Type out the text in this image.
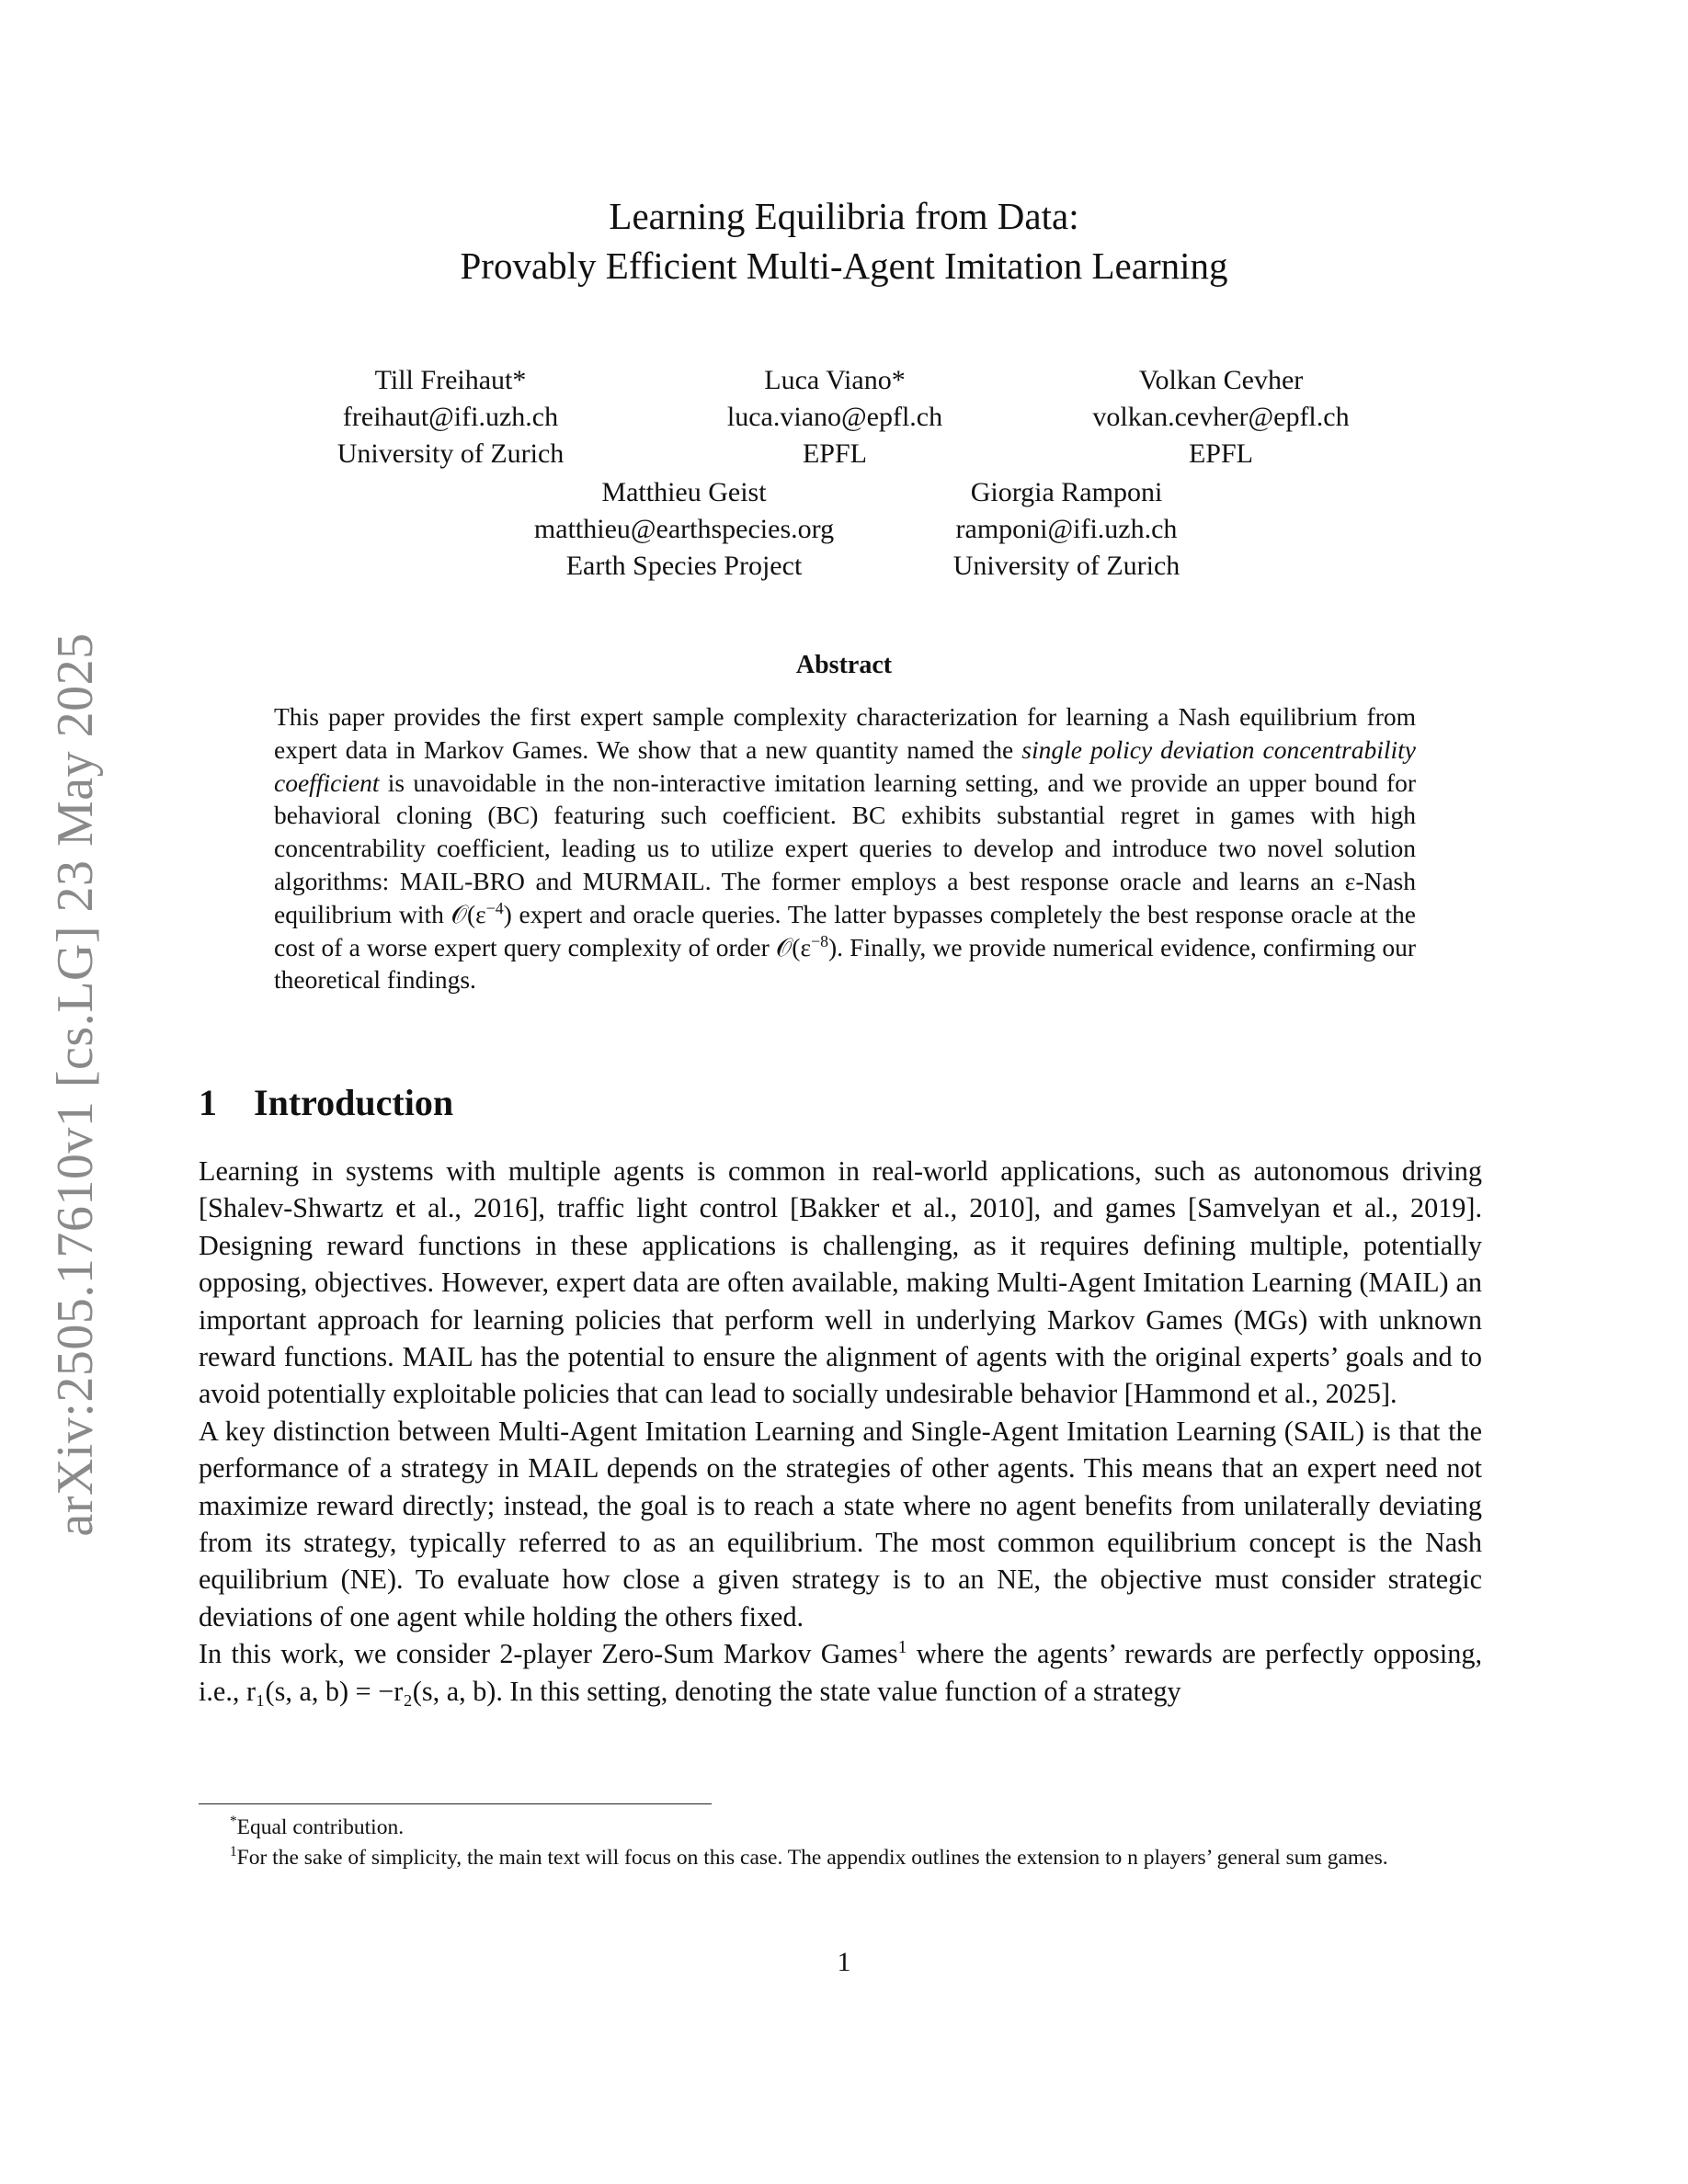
arXiv:2505.17610v1 [cs.LG] 23 May 2025
Learning Equilibria from Data:
Provably Efficient Multi-Agent Imitation Learning
Till Freihaut*
freihaut@ifi.uzh.ch
University of Zurich
Luca Viano*
luca.viano@epfl.ch
EPFL
Volkan Cevher
volkan.cevher@epfl.ch
EPFL
Matthieu Geist
matthieu@earthspecies.org
Earth Species Project
Giorgia Ramponi
ramponi@ifi.uzh.ch
University of Zurich
Abstract
This paper provides the first expert sample complexity characterization for learning a Nash equilibrium from expert data in Markov Games. We show that a new quantity named the single policy deviation concentrability coefficient is unavoidable in the non-interactive imitation learning setting, and we provide an upper bound for behavioral cloning (BC) featuring such coefficient. BC exhibits substantial regret in games with high concentrability coefficient, leading us to utilize expert queries to develop and introduce two novel solution algorithms: MAIL-BRO and MURMAIL. The former employs a best response oracle and learns an ε-Nash equilibrium with $𝒪(\varepsilon^{-4})$ expert and oracle queries. The latter bypasses completely the best response oracle at the cost of a worse expert query complexity of order $𝒪(\varepsilon^{-8})$. Finally, we provide numerical evidence, confirming our theoretical findings.
1 Introduction

Learning in systems with multiple agents is common in real-world applications, such as autonomous driving [Shalev-Shwartz et al., 2016], traffic light control [Bakker et al., 2010], and games [Samvelyan et al., 2019]. Designing reward functions in these applications is challenging, as it requires defining multiple, potentially opposing, objectives. However, expert data are often available, making Multi-Agent Imitation Learning (MAIL) an important approach for learning policies that perform well in underlying Markov Games (MGs) with unknown reward functions. MAIL has the potential to ensure the alignment of agents with the original experts’ goals and to avoid potentially exploitable policies that can lead to socially undesirable behavior [Hammond et al., 2025].

A key distinction between Multi-Agent Imitation Learning and Single-Agent Imitation Learning (SAIL) is that the performance of a strategy in MAIL depends on the strategies of other agents. This means that an expert need not maximize reward directly; instead, the goal is to reach a state where no agent benefits from unilaterally deviating from its strategy, typically referred to as an equilibrium. The most common equilibrium concept is the Nash equilibrium (NE). To evaluate how close a given strategy is to an NE, the objective must consider strategic deviations of one agent while holding the others fixed.

In this work, we consider 2-player Zero-Sum Markov Games$^1$ where the agents’ rewards are perfectly opposing, i.e., r₁(s, a, b) = −r₂(s, a, b). In this setting, denoting the state value function of a strategy

*Equal contribution.

$^1$For the sake of simplicity, the main text will focus on this case. The appendix outlines the extension to n players’ general sum games.

1
